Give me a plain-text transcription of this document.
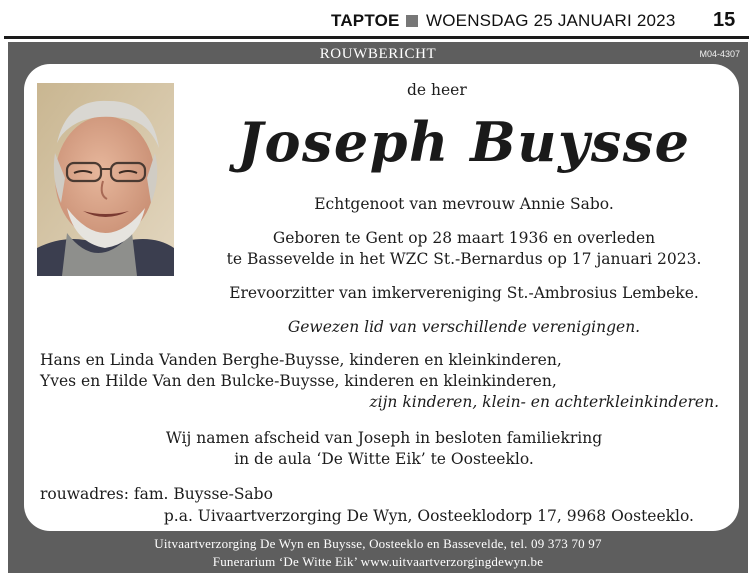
TAPTOE WOENSDAG 25 JANUARI 2023 15
ROUWBERICHT	M04-4307
de heer
Joseph Buysse
Echtgenoot van mevrouw Annie Sabo.
Geboren te Gent op 28 maart 1936 en overleden
te Bassevelde in het WZC St.-Bernardus op 17 januari 2023.
Erevoorzitter van imkervereniging St.-Ambrosius Lembeke.
Gewezen lid van verschillende verenigingen.
Hans en Linda Vanden Berghe-Buysse, kinderen en kleinkinderen,
Yves en Hilde Van den Bulcke-Buysse, kinderen en kleinkinderen,
zijn kinderen, klein- en achterkleinkinderen.
Wij namen afscheid van Joseph in besloten familiekring
in de aula ‘De Witte Eik’ te Oosteeklo.
rouwadres: fam. Buysse-Sabo
p.a. Uivaartverzorging De Wyn, Oosteeklodorp 17, 9968 Oosteeklo.
Uitvaartverzorging De Wyn en Buysse, Oosteeklo en Bassevelde, tel. 09 373 70 97
Funerarium ‘De Witte Eik’ www.uitvaartverzorgingdewyn.be
